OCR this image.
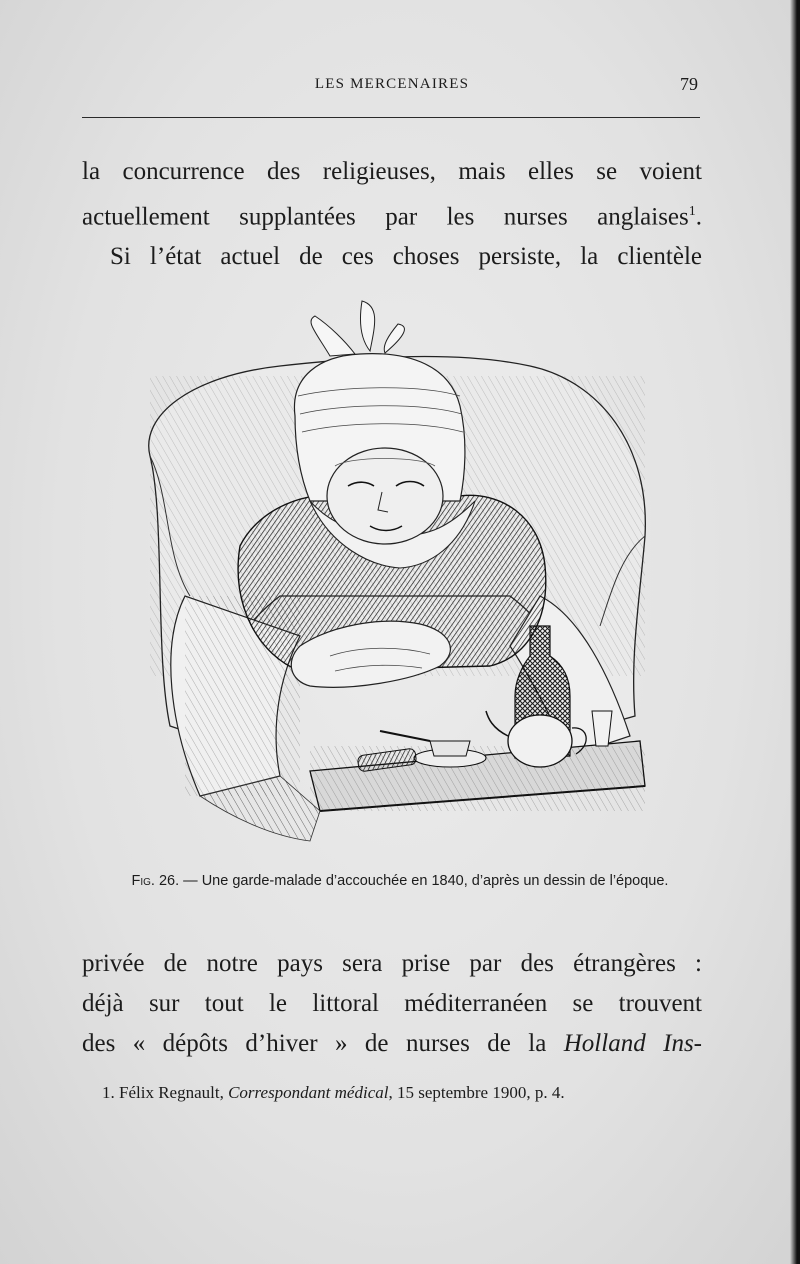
LES MERCENAIRES	79

la concurrence des religieuses, mais elles se voient

actuellement supplantées par les nurses anglaises$^1$.

Si l’état actuel de ces choses persiste, la clientèle

Fig. 26. — Une garde-malade d’accouchée en 1840, d’après un dessin de l’époque.

privée de notre pays sera prise par des étrangères :

déjà sur tout le littoral méditerranéen se trouvent

des « dépôts d’hiver » de nurses de la Holland Ins-

1. Félix Regnault, Correspondant médical, 15 septembre 1900, p. 4.
